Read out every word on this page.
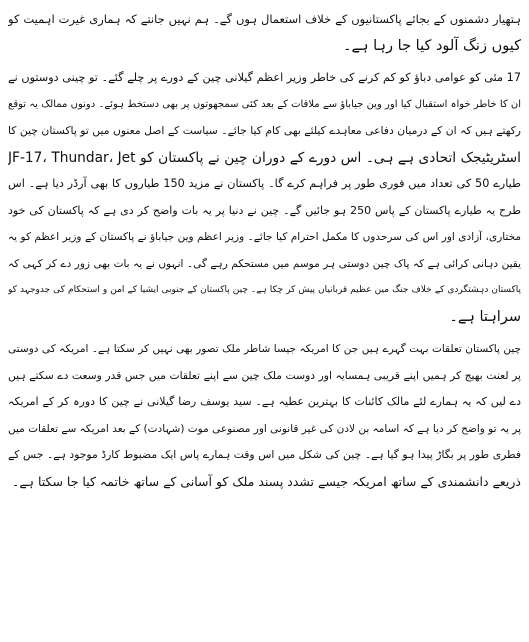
ہتھیار دشمنوں کے بجائے پاکستانیوں کے خلاف استعمال ہوں گے۔ ہم نہیں جانتے کہ ہماری غیرت اہمیت کو
کیوں زنگ آلود کیا جا رہا ہے۔
17 مئی کو عوامی دباؤ کو کم کرنے کی خاطر وزیر اعظم گیلانی چین کے دورے پر چلے گئے۔ تو چینی دوستوں نے
ان کا خاطر خواہ استقبال کیا اور وین جیاباؤ سے ملاقات کے بعد کئی سمجھوتوں پر بھی دستخط ہوئے۔ دونوں ممالک یہ توقع
رکھتے ہیں کہ ان کے درمیان دفاعی معاہدے کیلئے بھی کام کیا جائے۔ سیاست کے اصل معنوں میں تو پاکستان چین کا
اسٹریٹیجک اتحادی ہے ہی۔ اس دورے کے دوران چین نے پاکستان کو JF-17، Thundar، Jet
طیارے 50 کی تعداد میں فوری طور پر فراہم کرے گا۔ پاکستان نے مزید 150 طیاروں کا بھی آرڈر دیا ہے۔ اس
طرح یہ طیارے پاکستان کے پاس 250 ہو جائیں گے۔ چین نے دنیا پر یہ بات واضح کر دی ہے کہ پاکستان کی خود
مختاری، آزادی اور اس کی سرحدوں کا مکمل احترام کیا جائے۔ وزیر اعظم وین جیاباؤ نے پاکستان کے وزیر اعظم کو یہ
یقین دہانی کرائی ہے کہ پاک چین دوستی ہر موسم میں مستحکم رہے گی۔ انہوں نے یہ بات بھی زور دے کر کہی کہ
پاکستان دہشتگردی کے خلاف جنگ میں عظیم قربانیاں پیش کر چکا ہے۔ چین پاکستان کے جنوبی ایشیا کے امن و استحکام کی جدوجہد کو
سراہتا ہے۔
چین پاکستان تعلقات بہت گہرے ہیں جن کا امریکہ جیسا شاطر ملک تصور بھی نہیں کر سکتا ہے۔ امریکہ کی دوستی
پر لعنت بھیج کر ہمیں اپنے قریبی ہمسایہ اور دوست ملک چین سے اپنے تعلقات میں جس قدر وسعت دے سکتے ہیں
دے لیں کہ یہ ہمارے لئے مالک کائنات کا بہترین عطیہ ہے۔ سید یوسف رضا گیلانی نے چین کا دورہ کر کے امریکہ
پر یہ تو واضح کر دیا ہے کہ اسامہ بن لادن کی غیر قانونی اور مصنوعی موت (شہادت) کے بعد امریکہ سے تعلقات میں
فطری طور پر بگاڑ پیدا ہو گیا ہے۔ چین کی شکل میں اس وقت ہمارے پاس ایک مضبوط کارڈ موجود ہے۔ جس کے
ذریعے دانشمندی کے ساتھ امریکہ جیسے تشدد پسند ملک کو آسانی کے ساتھ خاتمہ کیا جا سکتا ہے۔
